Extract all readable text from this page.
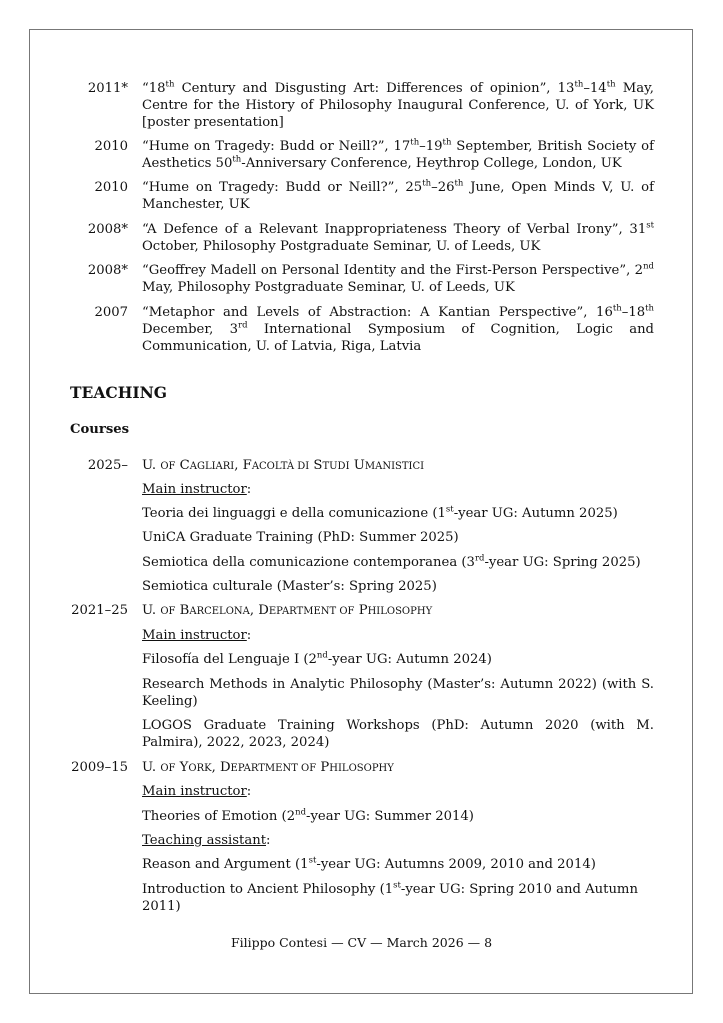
2011* “18th Century and Disgusting Art: Differences of opinion”, 13th–14th May, Centre for the History of Philosophy Inaugural Conference, U. of York, UK [poster presentation]
2010 “Hume on Tragedy: Budd or Neill?”, 17th–19th September, British Society of Aesthetics 50th-Anniversary Conference, Heythrop College, London, UK
2010 “Hume on Tragedy: Budd or Neill?”, 25th–26th June, Open Minds V, U. of Manchester, UK
2008* “A Defence of a Relevant Inappropriateness Theory of Verbal Irony”, 31st October, Philosophy Postgraduate Seminar, U. of Leeds, UK
2008* “Geoffrey Madell on Personal Identity and the First-Person Perspective”, 2nd May, Philosophy Postgraduate Seminar, U. of Leeds, UK
2007 “Metaphor and Levels of Abstraction: A Kantian Perspective”, 16th–18th December, 3rd International Symposium of Cognition, Logic and Communication, U. of Latvia, Riga, Latvia
TEACHING
Courses
2025– U. OF CAGLIARI, FACOLTÀ DI STUDI UMANISTICI
Main instructor:
Teoria dei linguaggi e della comunicazione (1st-year UG: Autumn 2025)
UniCA Graduate Training (PhD: Summer 2025)
Semiotica della comunicazione contemporanea (3rd-year UG: Spring 2025)
Semiotica culturale (Master’s: Spring 2025)
2021–25 U. OF BARCELONA, DEPARTMENT OF PHILOSOPHY
Main instructor:
Filosofía del Lenguaje I (2nd-year UG: Autumn 2024)
Research Methods in Analytic Philosophy (Master’s: Autumn 2022) (with S. Keeling)
LOGOS Graduate Training Workshops (PhD: Autumn 2020 (with M. Palmira), 2022, 2023, 2024)
2009–15 U. OF YORK, DEPARTMENT OF PHILOSOPHY
Main instructor:
Theories of Emotion (2nd-year UG: Summer 2014)
Teaching assistant:
Reason and Argument (1st-year UG: Autumns 2009, 2010 and 2014)
Introduction to Ancient Philosophy (1st-year UG: Spring 2010 and Autumn 2011)
Filippo Contesi — CV — March 2026 — 8
